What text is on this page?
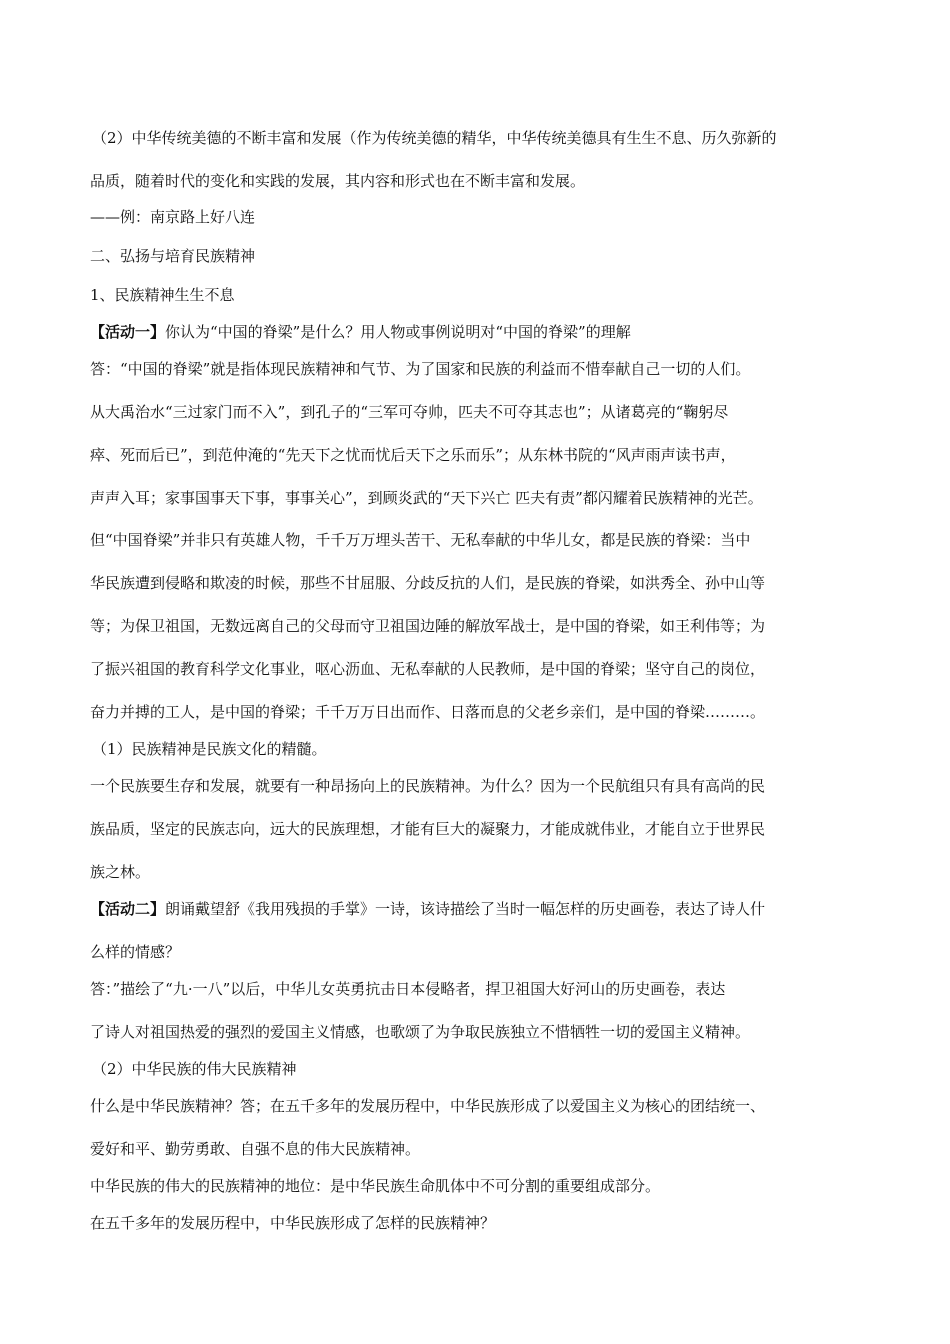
（2）中华传统美德的不断丰富和发展（作为传统美德的精华，中华传统美德具有生生不息、历久弥新的
品质，随着时代的变化和实践的发展，其内容和形式也在不断丰富和发展。
——例：南京路上好八连
二、弘扬与培育民族精神
1、民族精神生生不息
【活动一】你认为“中国的脊梁”是什么？用人物或事例说明对“中国的脊梁”的理解
答：“中国的脊梁”就是指体现民族精神和气节、为了国家和民族的利益而不惜奉献自己一切的人们。
从大禹治水“三过家门而不入”，到孔子的“三军可夺帅，匹夫不可夺其志也”；从诸葛亮的“鞠躬尽
瘁、死而后已”，到范仲淹的“先天下之忧而忧后天下之乐而乐”；从东林书院的“风声雨声读书声，
声声入耳；家事国事天下事，事事关心”，到顾炎武的“天下兴亡 匹夫有责”都闪耀着民族精神的光芒。
但“中国脊梁”并非只有英雄人物，千千万万埋头苦干、无私奉献的中华儿女，都是民族的脊梁：当中
华民族遭到侵略和欺凌的时候，那些不甘屈服、分歧反抗的人们，是民族的脊梁，如洪秀全、孙中山等
等；为保卫祖国，无数远离自己的父母而守卫祖国边陲的解放军战士，是中国的脊梁，如王利伟等；为
了振兴祖国的教育科学文化事业，呕心沥血、无私奉献的人民教师，是中国的脊梁；坚守自己的岗位，
奋力并搏的工人，是中国的脊梁；千千万万日出而作、日落而息的父老乡亲们，是中国的脊梁………。
（1）民族精神是民族文化的精髓。
一个民族要生存和发展，就要有一种昂扬向上的民族精神。为什么？因为一个民航组只有具有高尚的民
族品质，坚定的民族志向，远大的民族理想，才能有巨大的凝聚力，才能成就伟业，才能自立于世界民
族之林。
【活动二】朗诵戴望舒《我用残损的手掌》一诗，该诗描绘了当时一幅怎样的历史画卷，表达了诗人什
么样的情感？
答：”描绘了“九·一八”以后，中华儿女英勇抗击日本侵略者，捍卫祖国大好河山的历史画卷，表达
了诗人对祖国热爱的强烈的爱国主义情感，也歌颂了为争取民族独立不惜牺牲一切的爱国主义精神。
（2）中华民族的伟大民族精神
什么是中华民族精神？答；在五千多年的发展历程中，中华民族形成了以爱国主义为核心的团结统一、
爱好和平、勤劳勇敢、自强不息的伟大民族精神。
中华民族的伟大的民族精神的地位：是中华民族生命肌体中不可分割的重要组成部分。
在五千多年的发展历程中，中华民族形成了怎样的民族精神？
